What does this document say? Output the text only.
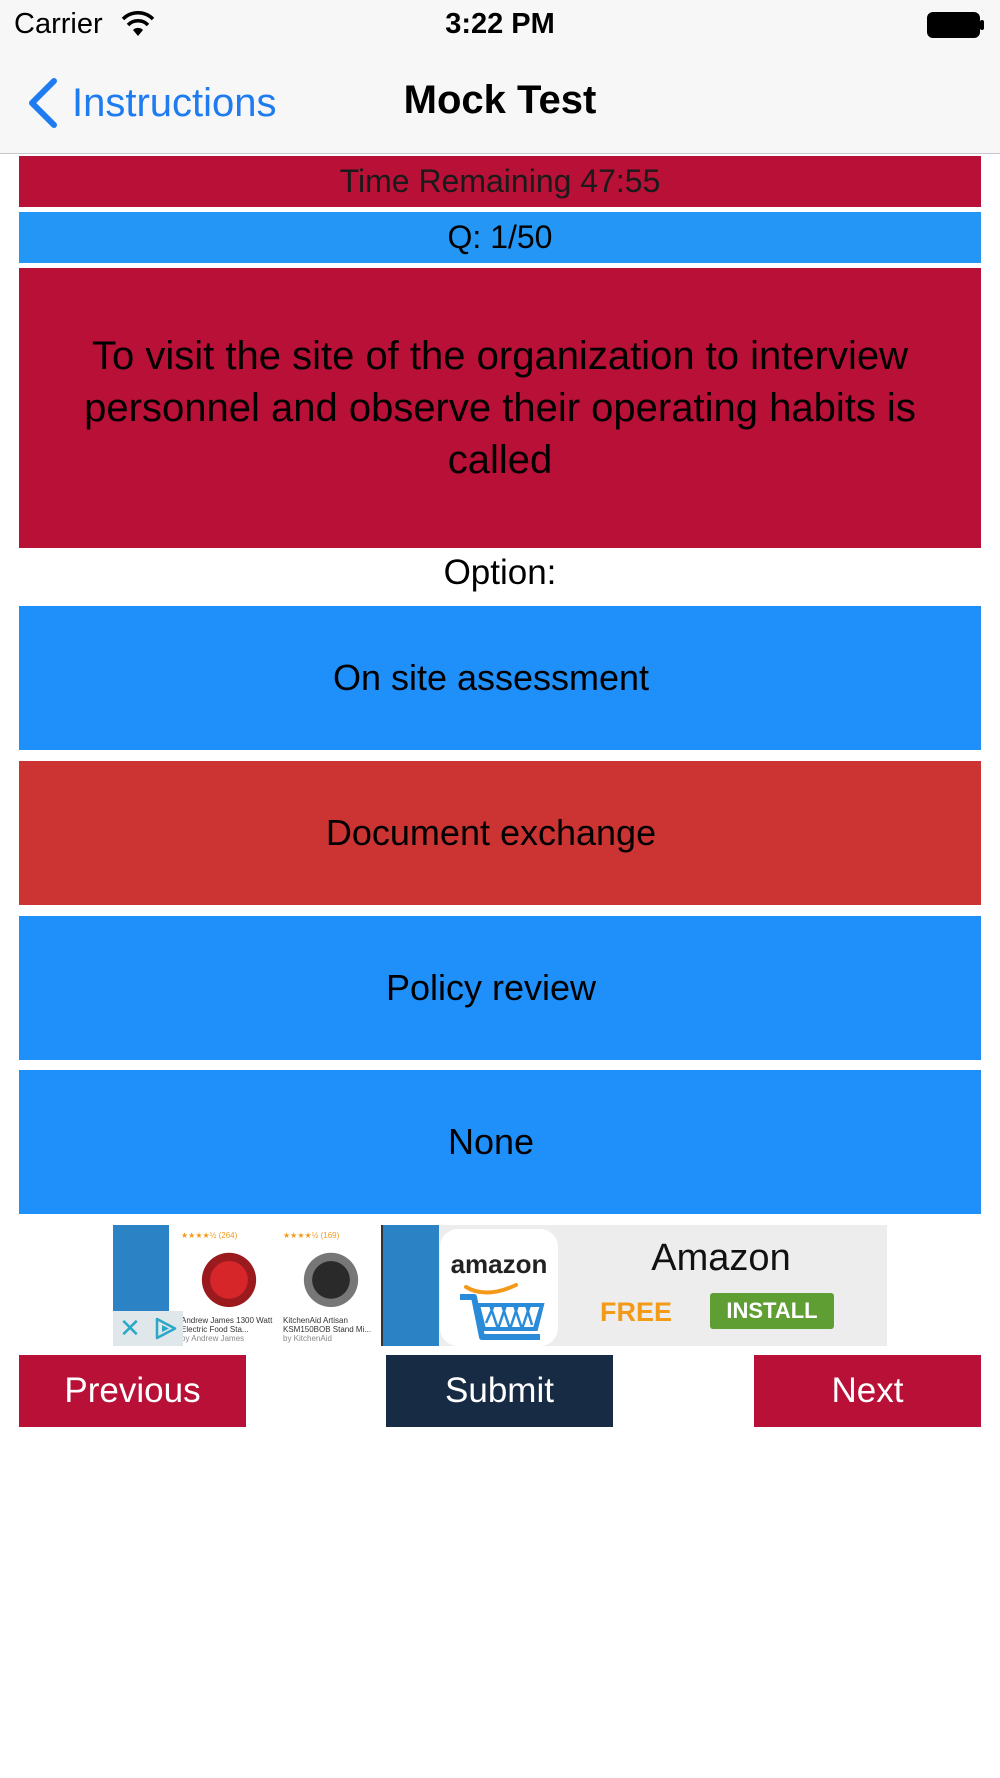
Carrier	3:22 PM
Instructions	Mock Test
Time Remaining 47:55
Q: 1/50
To visit the site of the organization to interview personnel and observe their operating habits is called
Option:
On site assessment
Document exchange
Policy review
None
★★★★½ (264)
Andrew James 1300 Watt Electric Food Sta...
by Andrew James
★★★★½ (169)
KitchenAid Artisan KSM150BOB Stand Mi...
by KitchenAid
✕
amazon	Amazon
FREE	INSTALL
Previous	Submit	Next
